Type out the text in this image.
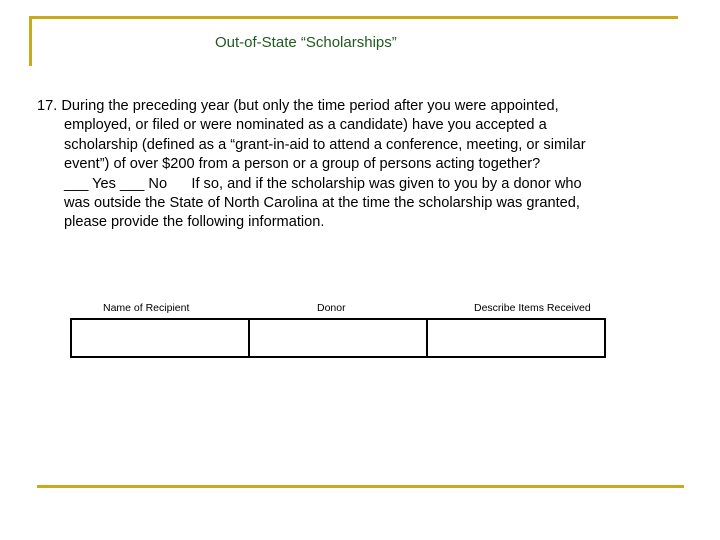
Out-of-State “Scholarships”
17. During the preceding year (but only the time period after you were appointed,
employed, or filed or were nominated as a candidate) have you accepted a
scholarship (defined as a “grant-in-aid to attend a conference, meeting, or similar
event”) of over $200 from a person or a group of persons acting together?
___ Yes ___ No      If so, and if the scholarship was given to you by a donor who
was outside the State of North Carolina at the time the scholarship was granted,
please provide the following information.
Name of Recipient	Donor	Describe Items Received
